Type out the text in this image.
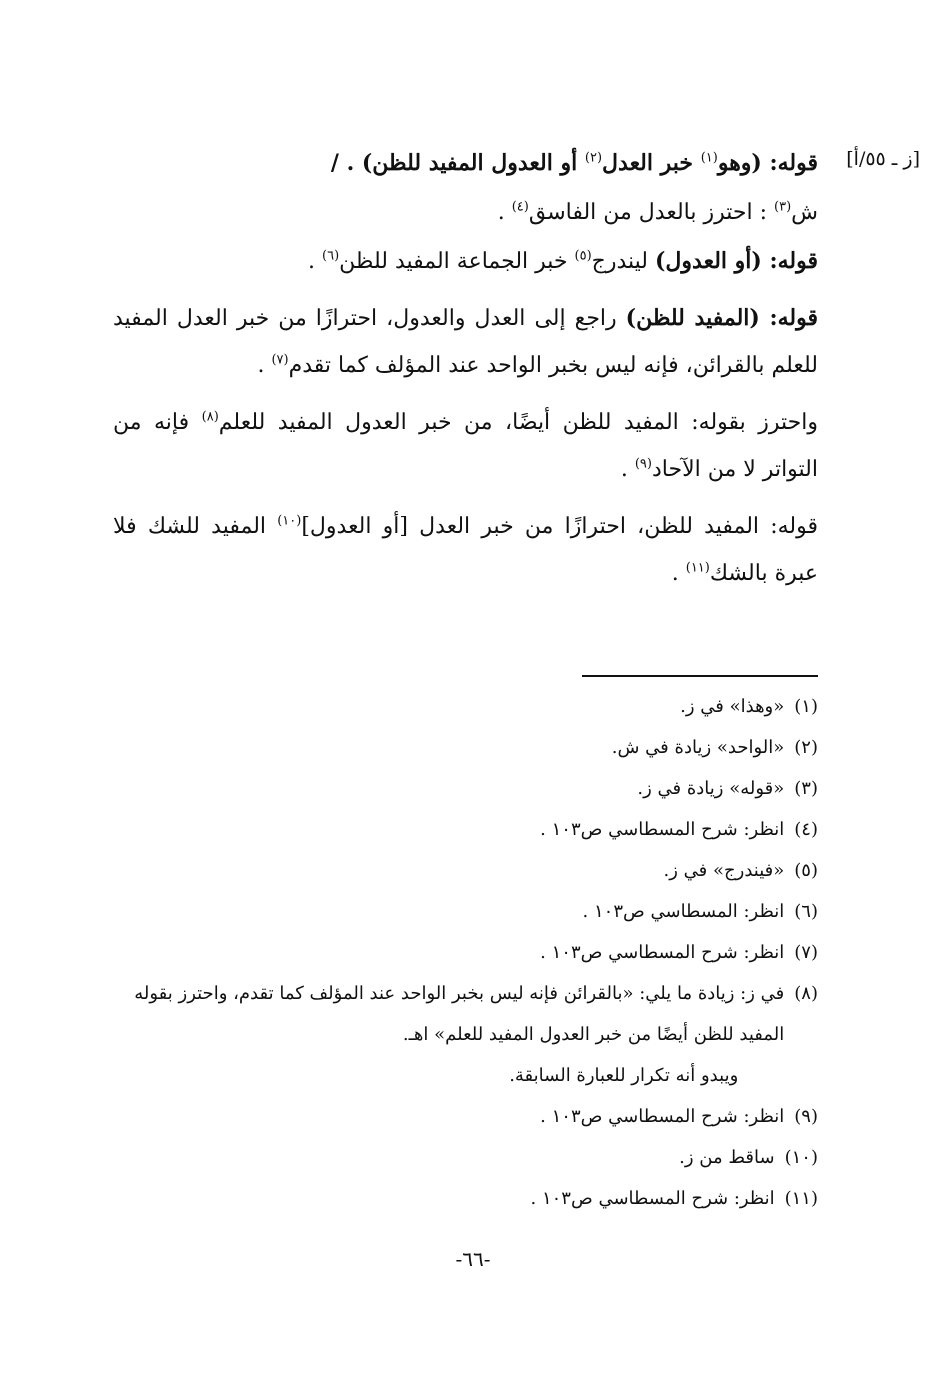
[ز ـ ٥٥/أ]

قوله: (وهو$^{(١)}$ خبر العدل$^{(٢)}$ أو العدول المفيد للظن) . /

ش$^{(٣)}$ : احترز بالعدل من الفاسق$^{(٤)}$ .

قوله: (أو العدول) ليندرج$^{(٥)}$ خبر الجماعة المفيد للظن$^{(٦)}$ .

قوله: (المفيد للظن) راجع إلى العدل والعدول، احترازًا من خبر العدل المفيد للعلم بالقرائن، فإنه ليس بخبر الواحد عند المؤلف كما تقدم$^{(٧)}$ .

واحترز بقوله: المفيد للظن أيضًا، من خبر العدول المفيد للعلم$^{(٨)}$ فإنه من التواتر لا من الآحاد$^{(٩)}$ .

قوله: المفيد للظن، احترازًا من خبر العدل [أو العدول]$^{(١٠)}$ المفيد للشك فلا عبرة بالشك$^{(١١)}$ .

(١)
«وهذا» في ز.
(٢)
«الواحد» زيادة في ش.
(٣)
«قوله» زيادة في ز.
(٤)
انظر: شرح المسطاسي ص١٠٣ .
(٥)
«فيندرج» في ز.
(٦)
انظر: المسطاسي ص١٠٣ .
(٧)
انظر: شرح المسطاسي ص١٠٣ .
(٨)
في ز: زيادة ما يلي: «بالقرائن فإنه ليس بخبر الواحد عند المؤلف كما تقدم، واحترز بقوله المفيد للظن أيضًا من خبر العدول المفيد للعلم» اهـ.
ويبدو أنه تكرار للعبارة السابقة.
(٩)
انظر: شرح المسطاسي ص١٠٣ .
(١٠)
ساقط من ز.
(١١)
انظر: شرح المسطاسي ص١٠٣ .
-٦٦-
